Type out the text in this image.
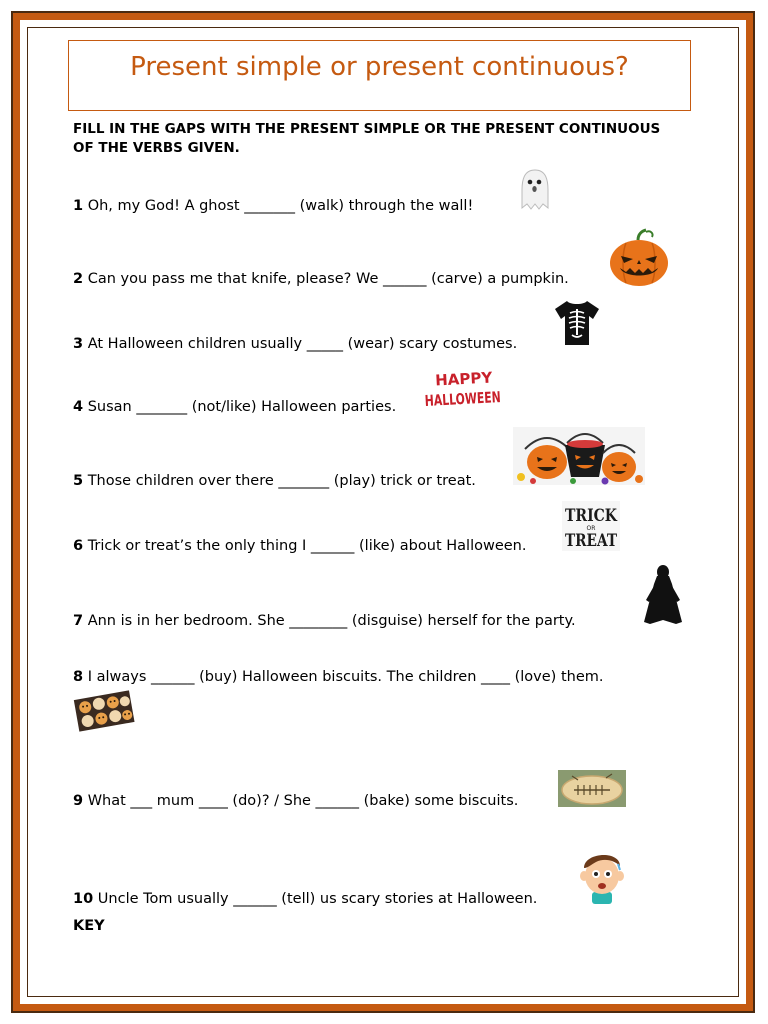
Present simple or present continuous?
FILL IN THE GAPS WITH THE PRESENT SIMPLE OR THE PRESENT CONTINUOUS OF THE VERBS GIVEN.
1 Oh, my God! A ghost _______ (walk) through the wall!
2 Can you pass me that knife, please? We ______ (carve) a pumpkin.
3 At Halloween children usually _____ (wear) scary costumes.
4 Susan _______ (not/like) Halloween parties.
HAPPY
HALLOWEEN
5 Those children over there _______ (play) trick or treat.
6 Trick or treat’s the only thing I ______ (like) about Halloween.
TRICK
OR
TREAT
7 Ann is in her bedroom. She ________ (disguise) herself for the party.
8 I always ______ (buy) Halloween biscuits. The children ____ (love) them.
9 What ___ mum ____ (do)? / She ______ (bake) some biscuits.
10 Uncle Tom usually ______ (tell) us scary stories at Halloween.
KEY
